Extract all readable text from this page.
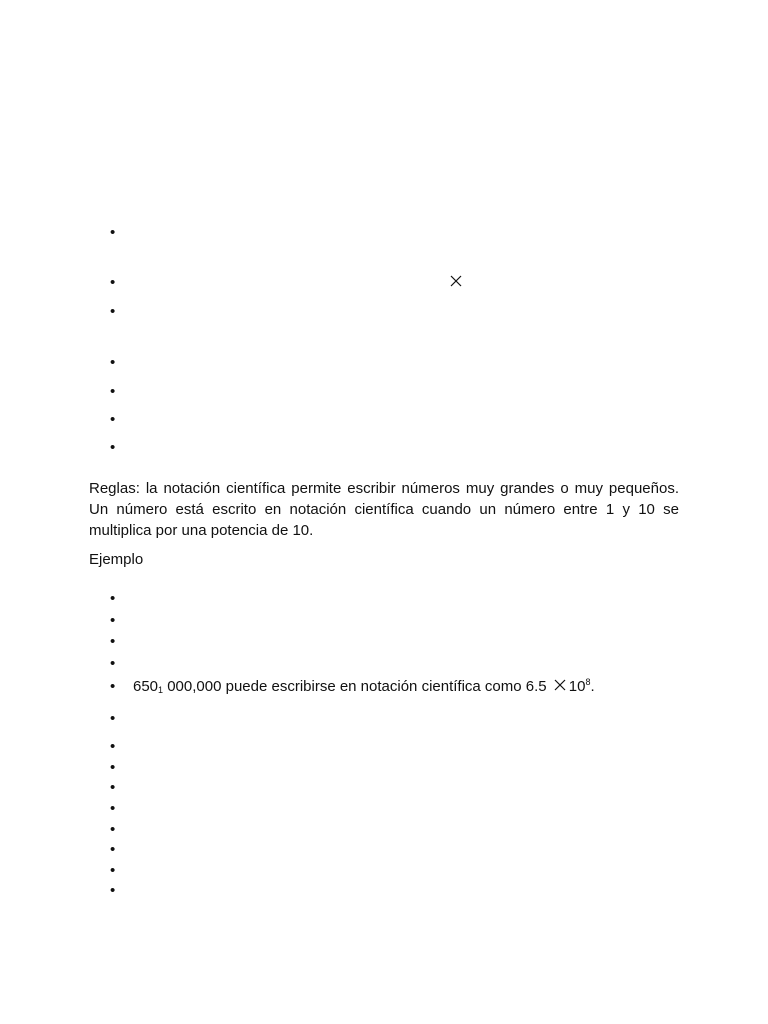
Reglas: la notación científica permite escribir números muy grandes o muy pequeños. Un número está escrito en notación científica cuando un número entre 1 y 10 se multiplica por una potencia de 10.

Ejemplo

$650_1$ 000,000 puede escribirse en notación científica como 6.5 $10^8$.
